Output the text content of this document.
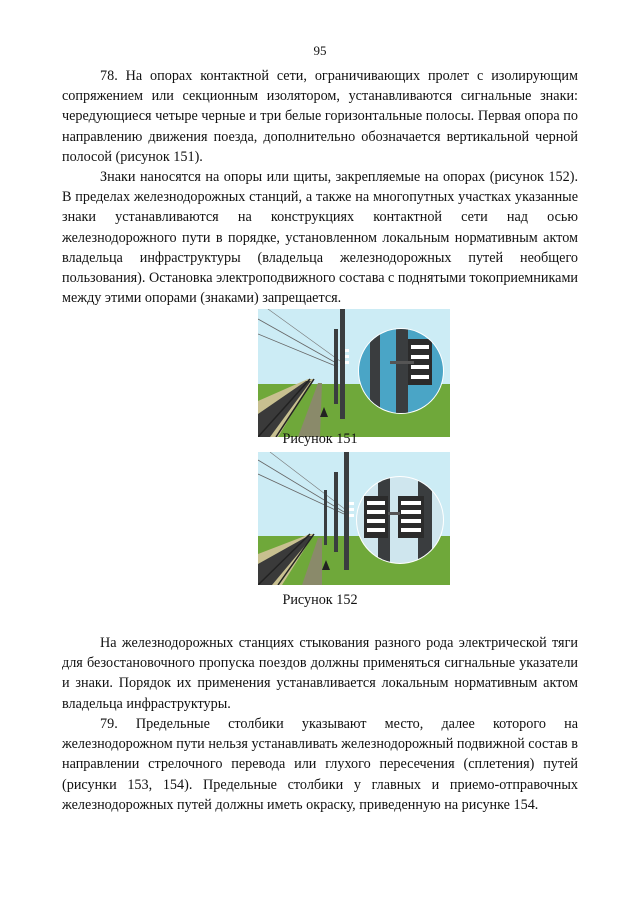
95

78. На опорах контактной сети, ограничивающих пролет с изолирующим сопряжением или секционным изолятором, устанавливаются сигнальные знаки: чередующиеся четыре черные и три белые горизонтальные полосы. Первая опора по направлению движения поезда, дополнительно обозначается вертикальной черной полосой (рисунок 151).

Знаки наносятся на опоры или щиты, закрепляемые на опорах (рисунок 152). В пределах железнодорожных станций, а также на многопутных участках указанные знаки устанавливаются на конструкциях контактной сети над осью железнодорожного пути в порядке, установленном локальным нормативным актом владельца инфраструктуры (владельца железнодорожных путей необщего пользования). Остановка электроподвижного состава с поднятыми токоприемниками между этими опорами (знаками) запрещается.

Рисунок 151
Рисунок 152

На железнодорожных станциях стыкования разного рода электрической тяги для безостановочного пропуска поездов должны применяться сигнальные указатели и знаки. Порядок их применения устанавливается локальным нормативным актом владельца инфраструктуры.

79. Предельные столбики указывают место, далее которого на железнодорожном пути нельзя устанавливать железнодорожный подвижной состав в направлении стрелочного перевода или глухого пересечения (сплетения) путей (рисунки 153, 154). Предельные столбики у главных и приемо-отправочных железнодорожных путей должны иметь окраску, приведенную на рисунке 154.
